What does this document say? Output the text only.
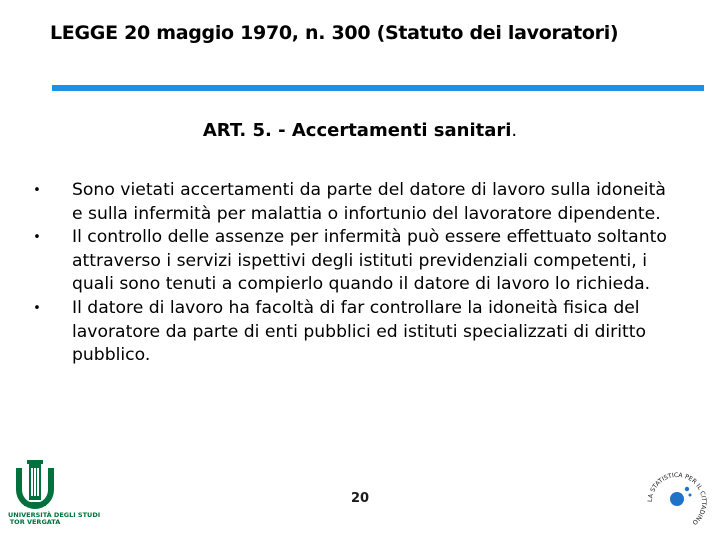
LEGGE 20 maggio 1970, n. 300 (Statuto dei lavoratori)
ART. 5. - Accertamenti sanitari.
• Sono vietati accertamenti da parte del datore di lavoro sulla idoneità e sulla infermità per malattia o infortunio del lavoratore dipendente.
• Il controllo delle assenze per infermità può essere effettuato soltanto attraverso i servizi ispettivi degli istituti previdenziali competenti, i quali sono tenuti a compierlo quando il datore di lavoro lo richieda.
• Il datore di lavoro ha facoltà di far controllare la idoneità fisica del lavoratore da parte di enti pubblici ed istituti specializzati di diritto pubblico.
20
UNIVERSITÀ DEGLI STUDI
TOR VERGATA
LA STATISTICA PER IL CITTADINO
